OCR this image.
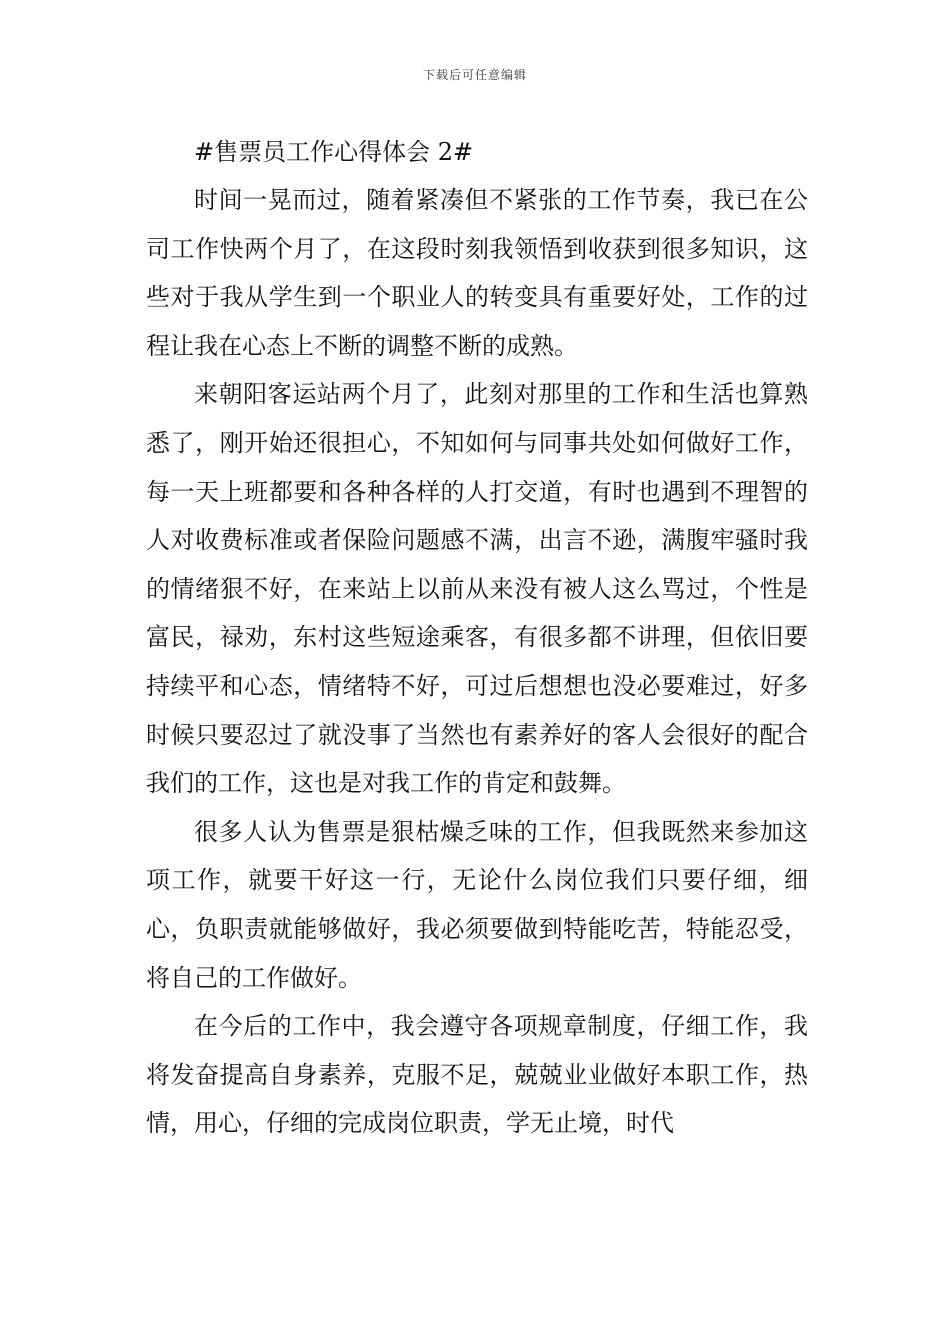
下载后可任意编辑

#售票员工作心得体会 2#

时间一晃而过，随着紧凑但不紧张的工作节奏，我已在公司工作快两个月了，在这段时刻我领悟到收获到很多知识，这些对于我从学生到一个职业人的转变具有重要好处，工作的过程让我在心态上不断的调整不断的成熟。

来朝阳客运站两个月了，此刻对那里的工作和生活也算熟悉了，刚开始还很担心，不知如何与同事共处如何做好工作，每一天上班都要和各种各样的人打交道，有时也遇到不理智的人对收费标准或者保险问题感不满，出言不逊，满腹牢骚时我的情绪狠不好，在来站上以前从来没有被人这么骂过，个性是富民，禄劝，东村这些短途乘客，有很多都不讲理，但依旧要持续平和心态，情绪特不好，可过后想想也没必要难过，好多时候只要忍过了就没事了当然也有素养好的客人会很好的配合我们的工作，这也是对我工作的肯定和鼓舞。

很多人认为售票是狠枯燥乏味的工作，但我既然来参加这项工作，就要干好这一行，无论什么岗位我们只要仔细，细心，负职责就能够做好，我必须要做到特能吃苦，特能忍受，将自己的工作做好。

在今后的工作中，我会遵守各项规章制度，仔细工作，我将发奋提高自身素养，克服不足，兢兢业业做好本职工作，热情，用心，仔细的完成岗位职责，学无止境，时代
